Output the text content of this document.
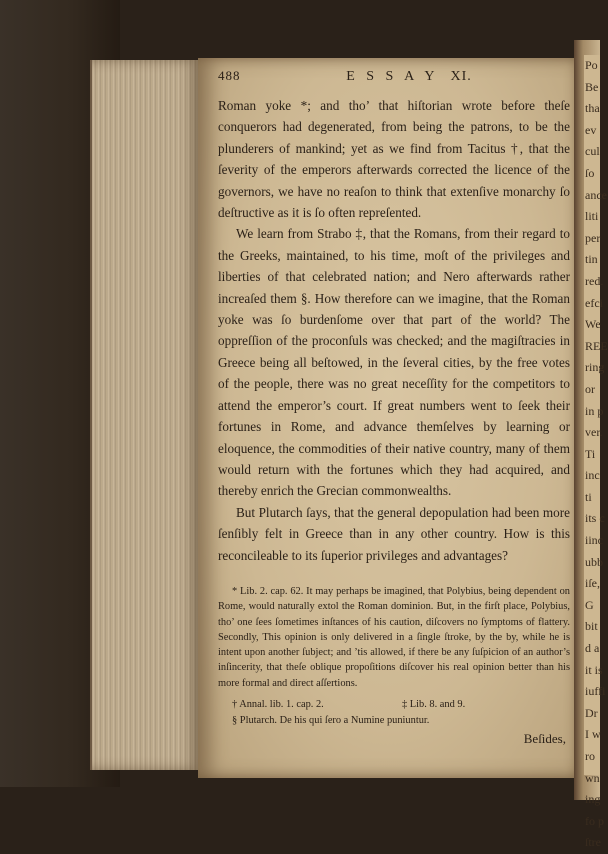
Po
Be
tha
ev
cul
ſo
ance
liti
per
tin
red.
efci
We
REE
ring
or
in p
ver.
Ti
inc
ti
its c
iinc
ubb
iſe,
G
bit
d a
it is
iuffi
Dr
I w
ro
wn
ing
fo p
ſtre
488	E S S A Y XI.

Roman yoke *; and tho’ that hiſtorian wrote before theſe conquerors had degenerated, from being the patrons, to be the plunderers of mankind; yet as we find from Tacitus †, that the ſeverity of the emperors afterwards corrected the licence of the governors, we have no reaſon to think that extenſive monarchy ſo deſtructive as it is ſo often repreſented.

We learn from Strabo ‡, that the Romans, from their regard to the Greeks, maintained, to his time, moſt of the privileges and liberties of that celebrated nation; and Nero afterwards rather increaſed them §. How therefore can we imagine, that the Roman yoke was ſo burdenſome over that part of the world? The oppreſſion of the proconſuls was checked; and the magiſtracies in Greece being all beſtowed, in the ſeveral cities, by the free votes of the people, there was no great neceſſity for the competitors to attend the emperor’s court. If great numbers went to ſeek their fortunes in Rome, and advance themſelves by learning or eloquence, the commodities of their native country, many of them would return with the fortunes which they had acquired, and thereby enrich the Grecian commonwealths.

But Plutarch ſays, that the general depopulation had been more ſenſibly felt in Greece than in any other country. How is this reconcileable to its ſuperior privileges and advantages?

* Lib. 2. cap. 62. It may perhaps be imagined, that Polybius, being dependent on Rome, would naturally extol the Roman dominion. But, in the firſt place, Polybius, tho’ one ſees ſometimes inſtances of his caution, diſcovers no ſymptoms of flattery. Secondly, This opinion is only delivered in a ſingle ſtroke, by the by, while he is intent upon another ſubject; and ’tis allowed, if there be any ſuſpicion of an author’s inſincerity, that theſe oblique propoſitions diſcover his real opinion better than his more formal and direct aſſertions.

† Annal. lib. 1. cap. 2.	‡ Lib. 8. and 9.
§ Plutarch. De his qui ſero a Numine puniuntur.
Beſides,
